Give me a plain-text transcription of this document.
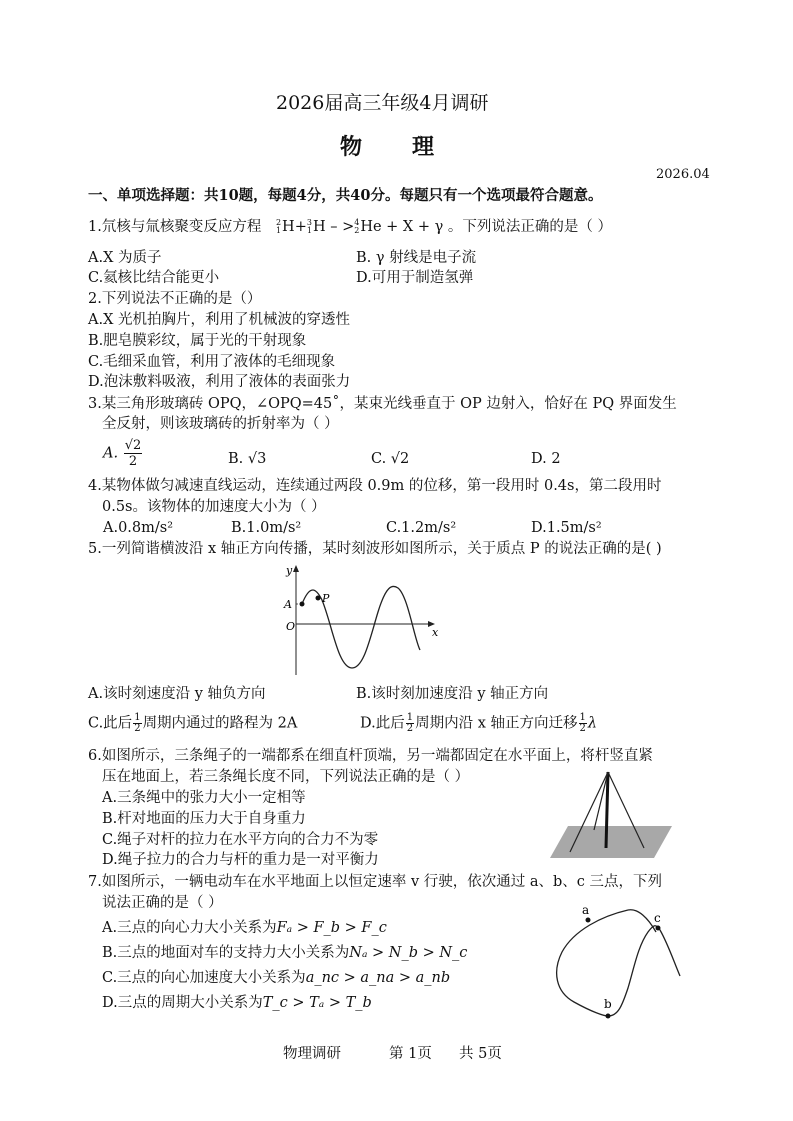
2026届高三年级4月调研
物　　理
2026.04
一、单项选择题：共10题，每题4分，共40分。每题只有一个选项最符合题意。
1.氘核与氚核聚变反应方程 2
1 H+ 3
1 H – > 4
2 He + X + γ 。下列说法正确的是（ ）
A.X 为质子	B. γ 射线是电子流
C.氦核比结合能更小	D.可用于制造氢弹
2.下列说法不正确的是（）
A.X 光机拍胸片，利用了机械波的穿透性
B.肥皂膜彩纹，属于光的干射现象
C.毛细采血管，利用了液体的毛细现象
D.泡沫敷料吸液，利用了液体的表面张力
3.某三角形玻璃砖 OPQ，∠OPQ=45˚，某束光线垂直于 OP 边射入，恰好在 PQ 界面发生
全反射，则该玻璃砖的折射率为（ ）
A. $\frac{√2}{2}$	B. √3	C. √2	D. 2
4.某物体做匀减速直线运动，连续通过两段 0.9m 的位移，第一段用时 0.4s，第二段用时
0.5s。该物体的加速度大小为（ ）
A.0.8m/s²	B.1.0m/s²	C.1.2m/s²	D.1.5m/s²
5.一列简谐横波沿 x 轴正方向传播，某时刻波形如图所示，关于质点 P 的说法正确的是( )
y
A
O
P
x
A.该时刻速度沿 y 轴负方向	B.该时刻加速度沿 y 轴正方向
C.此后 $\frac{1}{2}$ 周期内通过的路程为 2A	D.此后 $\frac{1}{2}$ 周期内沿 x 轴正方向迁移 $\frac{1}{2}$ λ
6.如图所示，三条绳子的一端都系在细直杆顶端，另一端都固定在水平面上，将杆竖直紧
压在地面上，若三条绳长度不同，下列说法正确的是（ ）
A.三条绳中的张力大小一定相等
B.杆对地面的压力大于自身重力
C.绳子对杆的拉力在水平方向的合力不为零
D.绳子拉力的合力与杆的重力是一对平衡力
7.如图所示，一辆电动车在水平地面上以恒定速率 v 行驶，依次通过 a、b、c 三点，下列
说法正确的是（ ）
A.三点的向心力大小关系为Fₐ > F_b > F_c
B.三点的地面对车的支持力大小关系为Nₐ > N_b > N_c
C.三点的向心加速度大小关系为a_nc > a_na > a_nb
D.三点的周期大小关系为T_c > Tₐ > T_b
a
b
c
物理调研	第 1页 共 5页
